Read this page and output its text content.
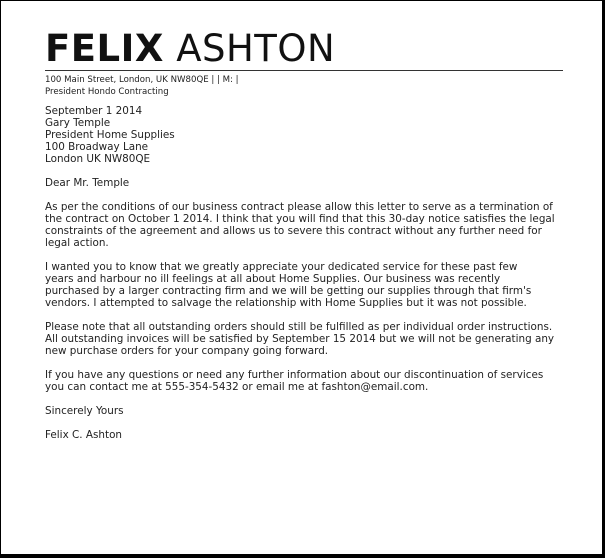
FELIX ASHTON
100 Main Street, London, UK NW80QE | | M: |
President Hondo Contracting
September 1 2014
Gary Temple
President Home Supplies
100 Broadway Lane
London UK NW80QE
Dear Mr. Temple
As per the conditions of our business contract please allow this letter to serve as a termination of
the contract on October 1 2014. I think that you will find that this 30-day notice satisfies the legal
constraints of the agreement and allows us to severe this contract without any further need for
legal action.
I wanted you to know that we greatly appreciate your dedicated service for these past few
years and harbour no ill feelings at all about Home Supplies. Our business was recently
purchased by a larger contracting firm and we will be getting our supplies through that firm's
vendors. I attempted to salvage the relationship with Home Supplies but it was not possible.
Please note that all outstanding orders should still be fulfilled as per individual order instructions.
All outstanding invoices will be satisfied by September 15 2014 but we will not be generating any
new purchase orders for your company going forward.
If you have any questions or need any further information about our discontinuation of services
you can contact me at 555-354-5432 or email me at fashton@email.com.
Sincerely Yours
Felix C. Ashton
